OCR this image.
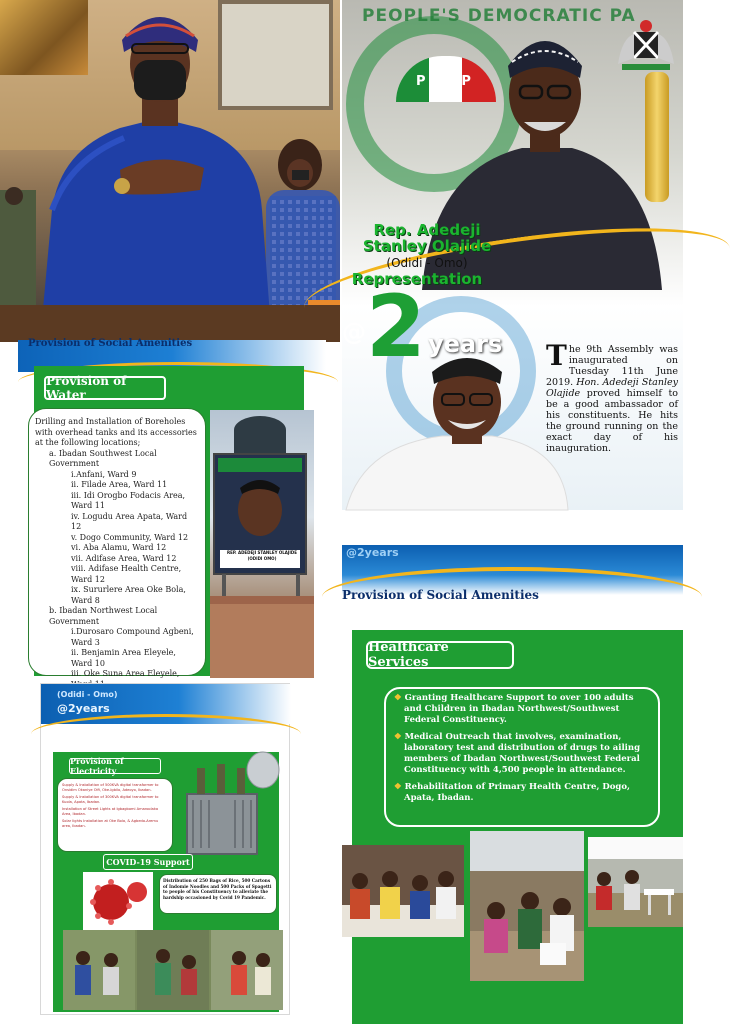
PEOPLE'S DEMOCRATIC PA
P D P
Rep. Adedeji
Stanley Olajide
(Odidi - Omo)
Representation
@ 2 years T he 9th Assembly was inaugurated on Tuesday 11th June 2019. Hon. Adedeji Stanley Olajide proved himself to be a good ambassador of his constituents. He hits the ground running on the exact day of his inauguration.
Provision of Social Amenities
Provision of Water
Drilling and Installation of Boreholes with overhead tanks and its accessories at the following locations;
a. Ibadan Southwest Local Government
i.Anfani, Ward 9
ii. Filade Area, Ward 11
iii. Idi Orogbo Fodacis Area, Ward 11
iv. Logudu Area Apata, Ward 12
v. Dogo Community, Ward 12
vi. Aba Alamu, Ward 12
vii. Adifase Area, Ward 12
viii. Adifase Health Centre, Ward 12
ix. Sururlere Area Oke Bola, Ward 8
b. Ibadan Northwest Local Government
i.Durosaro Compound Agbeni, Ward 3
ii. Benjamin Area Eleyele, Ward 10
iii. Oke Suna Area Eleyele,
REP. ADEDEJI STANLEY OLAJIDE (ODIDI OMO)	@2years
Provision of Social Amenities
Healthcare Services

❖ Granting Healthcare Support to over 100 adults and Children in Ibadan Northwest/Southwest Federal Constituency.

❖ Medical Outreach that involves, examination, laboratory test and distribution of drugs to ailing members of Ibadan Northwest/Southwest Federal Constituency with 4,500 people in attendance.

❖ Rehabilitation of Primary Health Centre, Dogo, Apata, Ibadan.

(Odidi - Omo)
@2years
Provision of Electricity

Supply & Installation of 500KVA digital transformer to Onsidim Okaniye Olfi, Oke-Igbilo, Adeoyo, Ibadan.

Supply & Installation of 300KVA digital transformer to Kuola, Apata, Ibadan.

Installation of Street Lights at Igbagbomi Amaroolaka Area, Ibadan.

Solar lights Installation at Oke Bola, & Agbedo-Aremu area, Ibadan.

COVID-19 Support
Distribution of 250 Bags of Rice, 500 Cartons of Indomie Noodles and 500 Packs of Spagetti to people of his Constituency to alleviate the hardship occasioned by Covid 19 Pandemic.
